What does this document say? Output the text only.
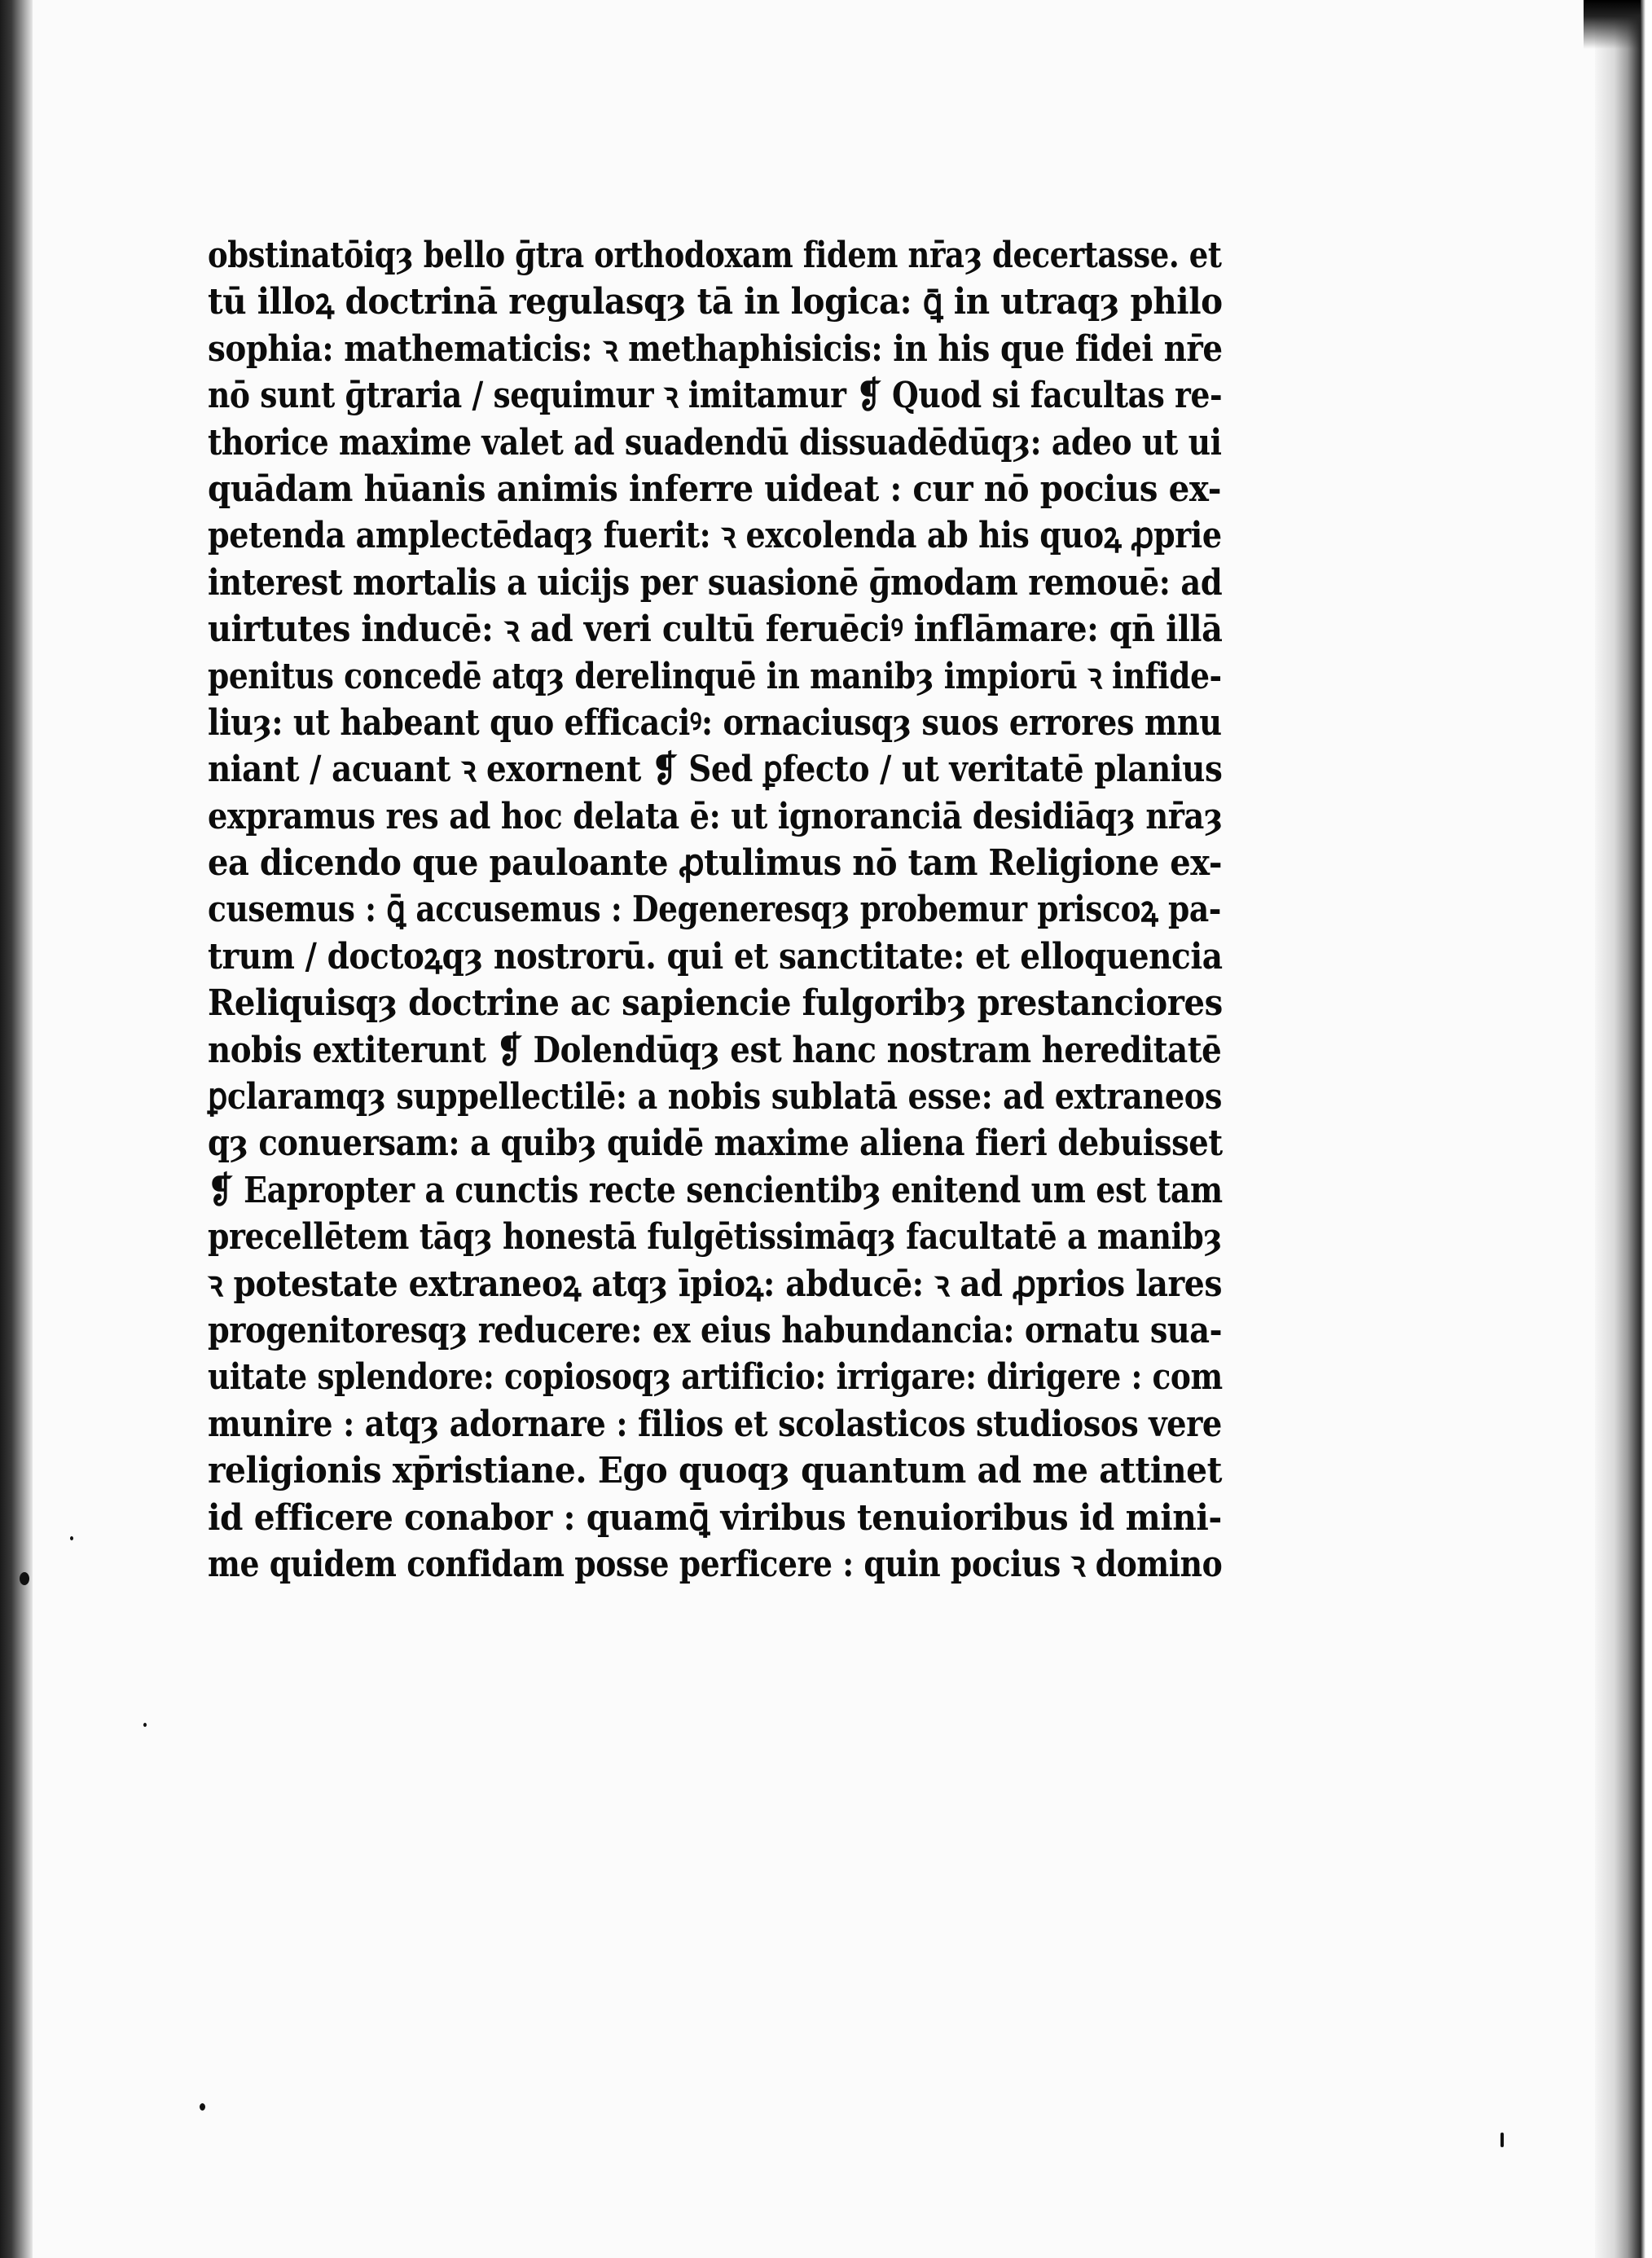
obstinatōiqȝ bello ɡ̄tra orthodoxam fidem nr̄aȝ decertasse. et
tū illoꝝ doctrinā regulasqȝ tā in logica: ꝗ̄ in utraqȝ philo
sophia: mathematicis: ꝛ methaphisicis: in his que fidei nr̄e
nō sunt ɡ̄traria / sequimur ꝛ imitamur ❡ Quod si facultas re-
thorice maxime valet ad suadendū dissuadēdūqȝ: adeo ut ui
quādam hūanis animis inferre uideat : cur nō pocius ex-
petenda amplectēdaqȝ fuerit: ꝛ excolenda ab his quoꝝ ꝓprie
interest mortalis a uicijs per suasionē ɡ̄modam remouē: ad
uirtutes inducē: ꝛ ad veri cultū feruēciꝰ inflāmare: qn̄ illā
penitus concedē atqȝ derelinquē in manibȝ impiorū ꝛ infide-
liuȝ: ut habeant quo efficaciꝰ: ornaciusqȝ suos errores mnu
niant / acuant ꝛ exornent ❡ Sed ꝑfecto / ut veritatē planius
expramus res ad hoc delata ē: ut ignoranciā desidiāqȝ nr̄aȝ
ea dicendo que pauloante ꝓtulimus nō tam Religione ex-
cusemus : ꝗ̄ accusemus : Degeneresqȝ probemur priscoꝝ pa-
trum / doctoꝝqȝ nostrorū. qui et sanctitate: et elloquencia
Reliquisqȝ doctrine ac sapiencie fulgoribȝ prestanciores
nobis extiterunt ❡ Dolendūqȝ est hanc nostram hereditatē
ꝑclaramqȝ suppellectilē: a nobis sublatā esse: ad extraneos
qȝ conuersam: a quibȝ quidē maxime aliena fieri debuisset
❡ Eapropter a cunctis recte sencientibȝ enitend um est tam
precellētem tāqȝ honestā fulgētissimāqȝ facultatē a manibȝ
ꝛ potestate extraneoꝝ atqȝ īpioꝝ: abducē: ꝛ ad ꝓprios lares
progenitoresqȝ reducere: ex eius habundancia: ornatu sua-
uitate splendore: copiosoqȝ artificio: irrigare: dirigere : com
munire : atqȝ adornare : filios et scolasticos studiosos vere
religionis xp̄ristiane. Ego quoqȝ quantum ad me attinet
id efficere conabor : quamꝗ̄ viribus tenuioribus id mini-
me quidem confidam posse perficere : quin pocius ꝛ domino
